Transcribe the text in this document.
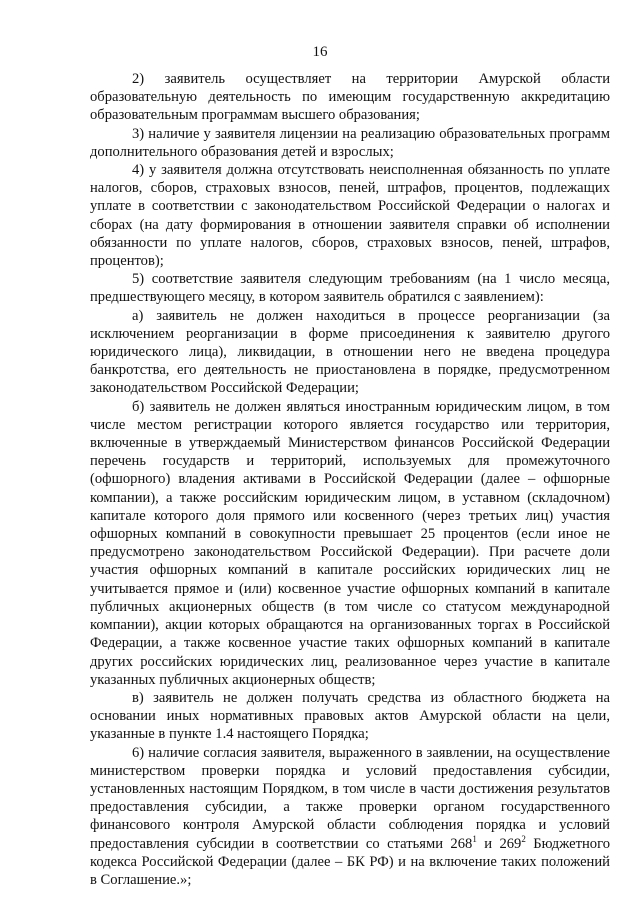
16

2) заявитель осуществляет на территории Амурской области образовательную деятельность по имеющим государственную аккредитацию образовательным программам высшего образования;

3) наличие у заявителя лицензии на реализацию образовательных программ дополнительного образования детей и взрослых;

4) у заявителя должна отсутствовать неисполненная обязанность по уплате налогов, сборов, страховых взносов, пеней, штрафов, процентов, подлежащих уплате в соответствии с законодательством Российской Федерации о налогах и сборах (на дату формирования в отношении заявителя справки об исполнении обязанности по уплате налогов, сборов, страховых взносов, пеней, штрафов, процентов);

5) соответствие заявителя следующим требованиям (на 1 число месяца, предшествующего месяцу, в котором заявитель обратился с заявлением):

а) заявитель не должен находиться в процессе реорганизации (за исключением реорганизации в форме присоединения к заявителю другого юридического лица), ликвидации, в отношении него не введена процедура банкротства, его деятельность не приостановлена в порядке, предусмотренном законодательством Российской Федерации;

б) заявитель не должен являться иностранным юридическим лицом, в том числе местом регистрации которого является государство или территория, включенные в утверждаемый Министерством финансов Российской Федерации перечень государств и территорий, используемых для промежуточного (офшорного) владения активами в Российской Федерации (далее – офшорные компании), а также российским юридическим лицом, в уставном (складочном) капитале которого доля прямого или косвенного (через третьих лиц) участия офшорных компаний в совокупности превышает 25 процентов (если иное не предусмотрено законодательством Российской Федерации). При расчете доли участия офшорных компаний в капитале российских юридических лиц не учитывается прямое и (или) косвенное участие офшорных компаний в капитале публичных акционерных обществ (в том числе со статусом международной компании), акции которых обращаются на организованных торгах в Российской Федерации, а также косвенное участие таких офшорных компаний в капитале других российских юридических лиц, реализованное через участие в капитале указанных публичных акционерных обществ;

в) заявитель не должен получать средства из областного бюджета на основании иных нормативных правовых актов Амурской области на цели, указанные в пункте 1.4 настоящего Порядка;

6) наличие согласия заявителя, выраженного в заявлении, на осуществление министерством проверки порядка и условий предоставления субсидии, установленных настоящим Порядком, в том числе в части достижения результатов предоставления субсидии, а также проверки органом государственного финансового контроля Амурской области соблюдения порядка и условий предоставления субсидии в соответствии со статьями $268^1$ и $269^2$ Бюджетного кодекса Российской Федерации (далее – БК РФ) и на включение таких положений в Соглашение.»;
